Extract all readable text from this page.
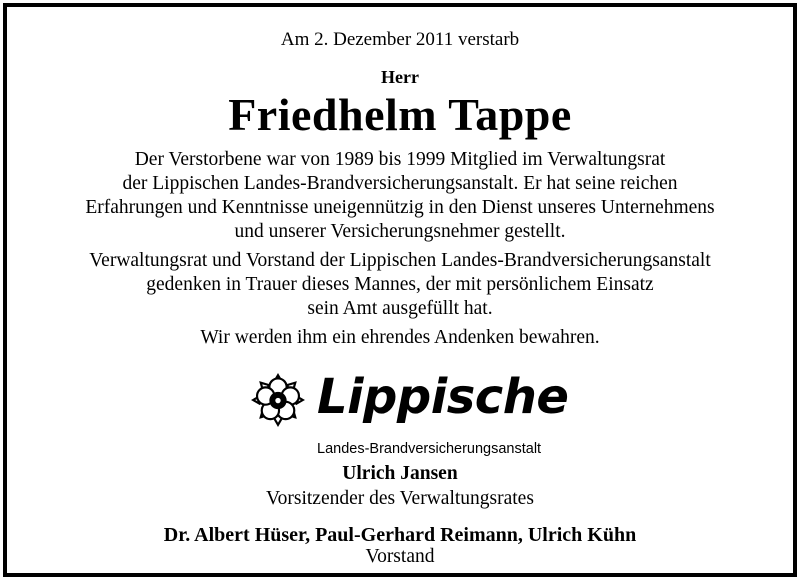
Am 2. Dezember 2011 verstarb
Herr
Friedhelm Tappe
Der Verstorbene war von 1989 bis 1999 Mitglied im Verwaltungsrat
der Lippischen Landes-Brandversicherungsanstalt. Er hat seine reichen
Erfahrungen und Kenntnisse uneigennützig in den Dienst unseres Unternehmens
und unserer Versicherungsnehmer gestellt.
Verwaltungsrat und Vorstand der Lippischen Landes-Brandversicherungsanstalt
gedenken in Trauer dieses Mannes, der mit persönlichem Einsatz
sein Amt ausgefüllt hat.
Wir werden ihm ein ehrendes Andenken bewahren.
Lippische
Landes-Brandversicherungsanstalt
Ulrich Jansen
Vorsitzender des Verwaltungsrates
Dr. Albert Hüser, Paul-Gerhard Reimann, Ulrich Kühn
Vorstand
